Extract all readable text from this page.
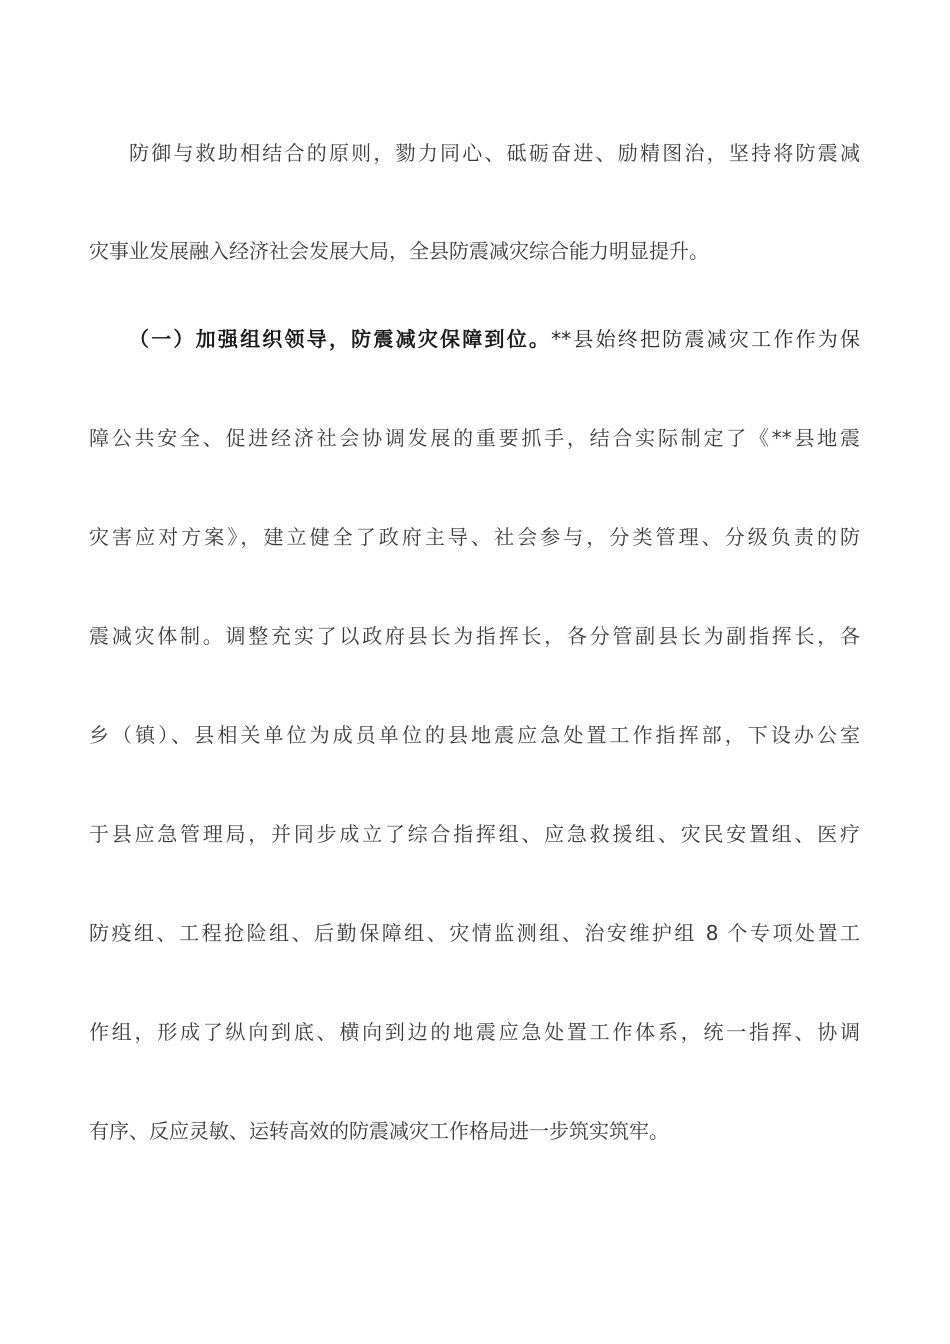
防御与救助相结合的原则，勠力同心、砥砺奋进、励精图治，坚持将防震减
灾事业发展融入经济社会发展大局，全县防震减灾综合能力明显提升。
（一）加强组织领导，防震减灾保障到位。**县始终把防震减灾工作作为保
障公共安全、促进经济社会协调发展的重要抓手，结合实际制定了《**县地震
灾害应对方案》，建立健全了政府主导、社会参与，分类管理、分级负责的防
震减灾体制。调整充实了以政府县长为指挥长，各分管副县长为副指挥长，各
乡（镇）、县相关单位为成员单位的县地震应急处置工作指挥部，下设办公室
于县应急管理局，并同步成立了综合指挥组、应急救援组、灾民安置组、医疗
防疫组、工程抢险组、后勤保障组、灾情监测组、治安维护组 8 个专项处置工
作组，形成了纵向到底、横向到边的地震应急处置工作体系，统一指挥、协调
有序、反应灵敏、运转高效的防震减灾工作格局进一步筑实筑牢。
